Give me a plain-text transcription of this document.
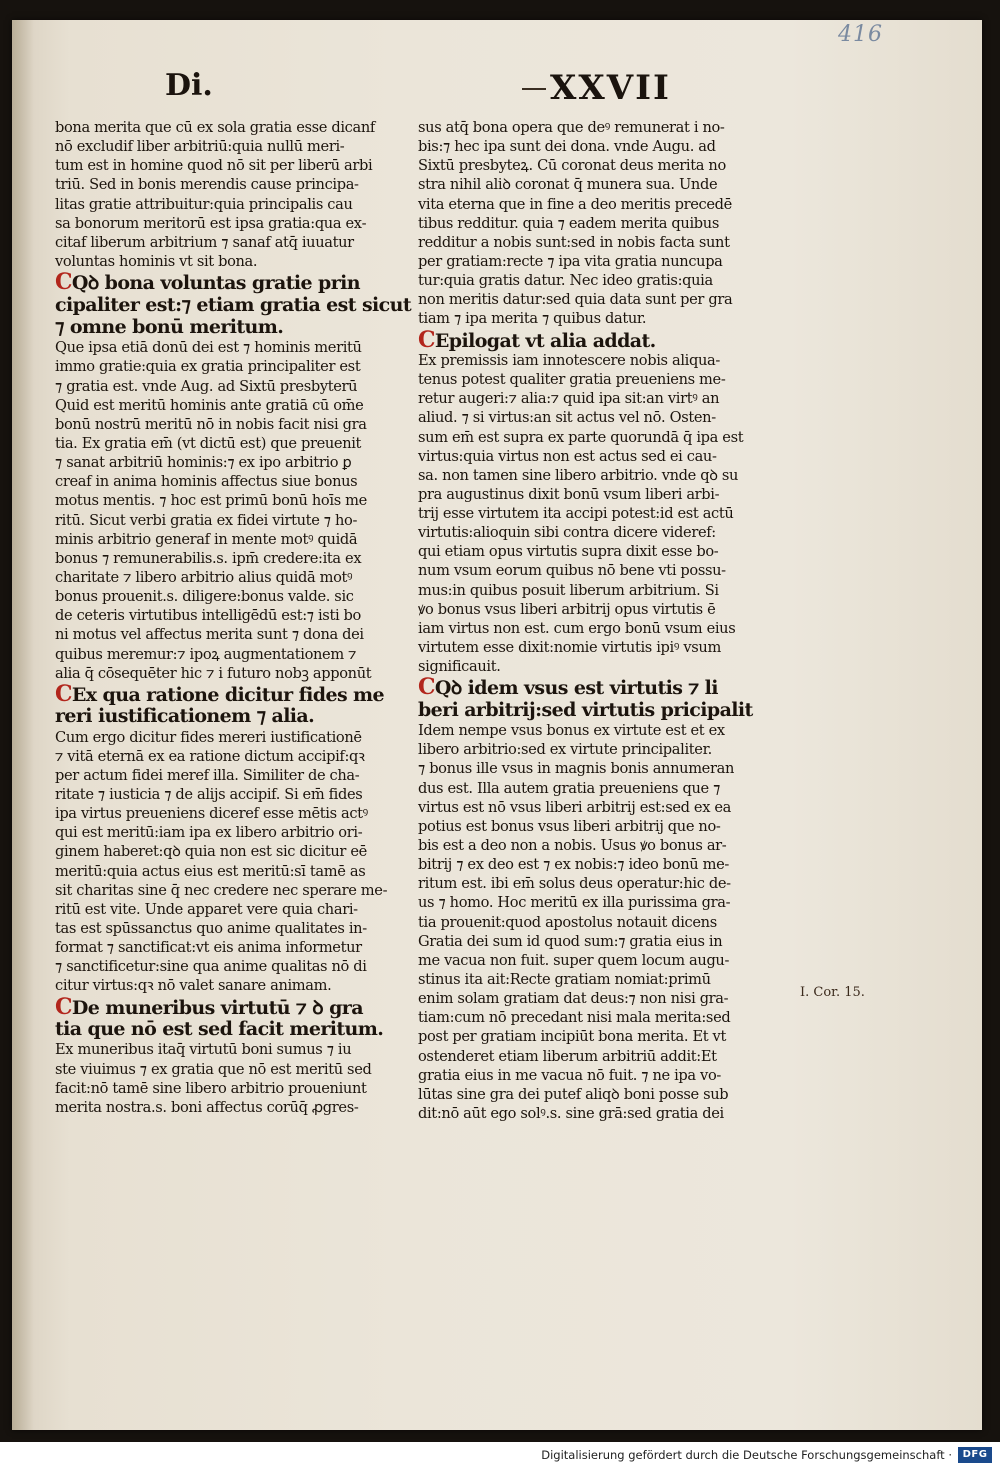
416
Di.	XXVII
bona merita que cū ex sola gratia esse dicanf
nō excludif liber arbitriū:quia nullū meri‑
tum est in homine quod nō sit per liberū arbi
triū. Sed in bonis merendis cause principa‑
litas gratie attribuitur:quia principalis cau
sa bonorum meritorū est ipsa gratia:qua ex‑
citaf liberum arbitrium ⁊ sanaf atq̄ iuuatur
voluntas hominis vt sit bona.
CQꝺ bona voluntas gratie prin
cipaliter est:⁊ etiam gratia est sicut
⁊ omne bonū meritum.
Que ipsa etiā donū dei est ⁊ hominis meritū
immo gratie:quia ex gratia principaliter est
⁊ gratia est. vnde Aug. ad Sixtū presbyterū
Quid est meritū hominis ante gratiā cū om̄e
bonū nostrū meritū nō in nobis facit nisi gra
tia. Ex gratia em̄ (vt dictū est) que preuenit
⁊ sanat arbitriū hominis:⁊ ex ipo arbitrio ꝑ
creaf in anima hominis affectus siue bonus
motus mentis. ⁊ hoc est primū bonū hoīs me
ritū. Sicut verbi gratia ex fidei virtute ⁊ ho‑
minis arbitrio generaf in mente motꝰ quidā
bonus ⁊ remunerabilis.s. ipm̄ credere:ita ex
charitate ⁊ libero arbitrio alius quidā motꝰ
bonus prouenit.s. diligere:bonus valde. sic
de ceteris virtutibus intelligēdū est:⁊ isti bo
ni motus vel affectus merita sunt ⁊ dona dei
quibus meremur:⁊ ipoꝝ augmentationem ⁊
alia q̄ cōsequēter hic ⁊ i futuro nobꝫ apponūt
CEx qua ratione dicitur fides me
reri iustificationem ⁊ alia.
Cum ergo dicitur fides mereri iustificationē
⁊ vitā eternā ex ea ratione dictum accipif:qꝛ
per actum fidei meref illa. Similiter de cha‑
ritate ⁊ iusticia ⁊ de alijs accipif. Si em̄ fides
ipa virtus preueniens diceref esse mētis actꝰ
qui est meritū:iam ipa ex libero arbitrio ori‑
ginem haberet:qꝺ quia non est sic dicitur eē
meritū:quia actus eius est meritū:sī tamē as
sit charitas sine q̄ nec credere nec sperare me‑
ritū est vite. Unde apparet vere quia chari‑
tas est spūssanctus quo anime qualitates in‑
format ⁊ sanctificat:vt eis anima informetur
⁊ sanctificetur:sine qua anime qualitas nō di
citur virtus:qꝛ nō valet sanare animam.
CDe muneribus virtutū ⁊ ꝺ gra
tia que nō est sed facit meritum.
Ex muneribus itaq̄ virtutū boni sumus ⁊ iu
ste viuimus ⁊ ex gratia que nō est meritū sed
facit:nō tamē sine libero arbitrio proueniunt
merita nostra.s. boni affectus corūq̄ ꝓgres‑
sus atq̄ bona opera que deꝰ remunerat i no‑
bis:⁊ hec ipa sunt dei dona. vnde Augu. ad
Sixtū presbyteꝝ. Cū coronat deus merita no
stra nihil aliꝺ coronat q̄ munera sua. Unde
vita eterna que in fine a deo meritis precedē
tibus redditur. quia ⁊ eadem merita quibus
redditur a nobis sunt:sed in nobis facta sunt
per gratiam:recte ⁊ ipa vita gratia nuncupa
tur:quia gratis datur. Nec ideo gratis:quia
non meritis datur:sed quia data sunt per gra
tiam ⁊ ipa merita ⁊ quibus datur.
CEpilogat vt alia addat.
Ex premissis iam innotescere nobis aliqua‑
tenus potest qualiter gratia preueniens me‑
retur augeri:⁊ alia:⁊ quid ipa sit:an virtꝰ an
aliud. ⁊ si virtus:an sit actus vel nō. Osten‑
sum em̄ est supra ex parte quorundā q̄ ipa est
virtus:quia virtus non est actus sed ei cau‑
sa. non tamen sine libero arbitrio. vnde qꝺ su
pra augustinus dixit bonū vsum liberi arbi‑
trij esse virtutem ita accipi potest:id est actū
virtutis:alioquin sibi contra dicere videref:
qui etiam opus virtutis supra dixit esse bo‑
num vsum eorum quibus nō bene vti possu‑
mus:in quibus posuit liberum arbitrium. Si
ꝟo bonus vsus liberi arbitrij opus virtutis ē
iam virtus non est. cum ergo bonū vsum eius
virtutem esse dixit:nomie virtutis ipiꝰ vsum
significauit.
CQꝺ idem vsus est virtutis ⁊ li
beri arbitrij:sed virtutis pricipalit
Idem nempe vsus bonus ex virtute est et ex
libero arbitrio:sed ex virtute principaliter.
⁊ bonus ille vsus in magnis bonis annumeran
dus est. Illa autem gratia preueniens que ⁊
virtus est nō vsus liberi arbitrij est:sed ex ea
potius est bonus vsus liberi arbitrij que no‑
bis est a deo non a nobis. Usus ꝟo bonus ar‑
bitrij ⁊ ex deo est ⁊ ex nobis:⁊ ideo bonū me‑
ritum est. ibi em̄ solus deus operatur:hic de‑
us ⁊ homo. Hoc meritū ex illa purissima gra‑
tia prouenit:quod apostolus notauit dicens
Gratia dei sum id quod sum:⁊ gratia eius in
me vacua non fuit. super quem locum augu‑
stinus ita ait:Recte gratiam nomiat:primū
enim solam gratiam dat deus:⁊ non nisi gra‑
tiam:cum nō precedant nisi mala merita:sed
post per gratiam incipiūt bona merita. Et vt
ostenderet etiam liberum arbitriū addit:Et
gratia eius in me vacua nō fuit. ⁊ ne ipa vo‑
lūtas sine gra dei putef aliqꝺ boni posse sub
dit:nō aūt ego solꝰ.s. sine grā:sed gratia dei
I. Cor. 15.
Digitalisierung gefördert durch die Deutsche Forschungsgemeinschaft ·	DFG
